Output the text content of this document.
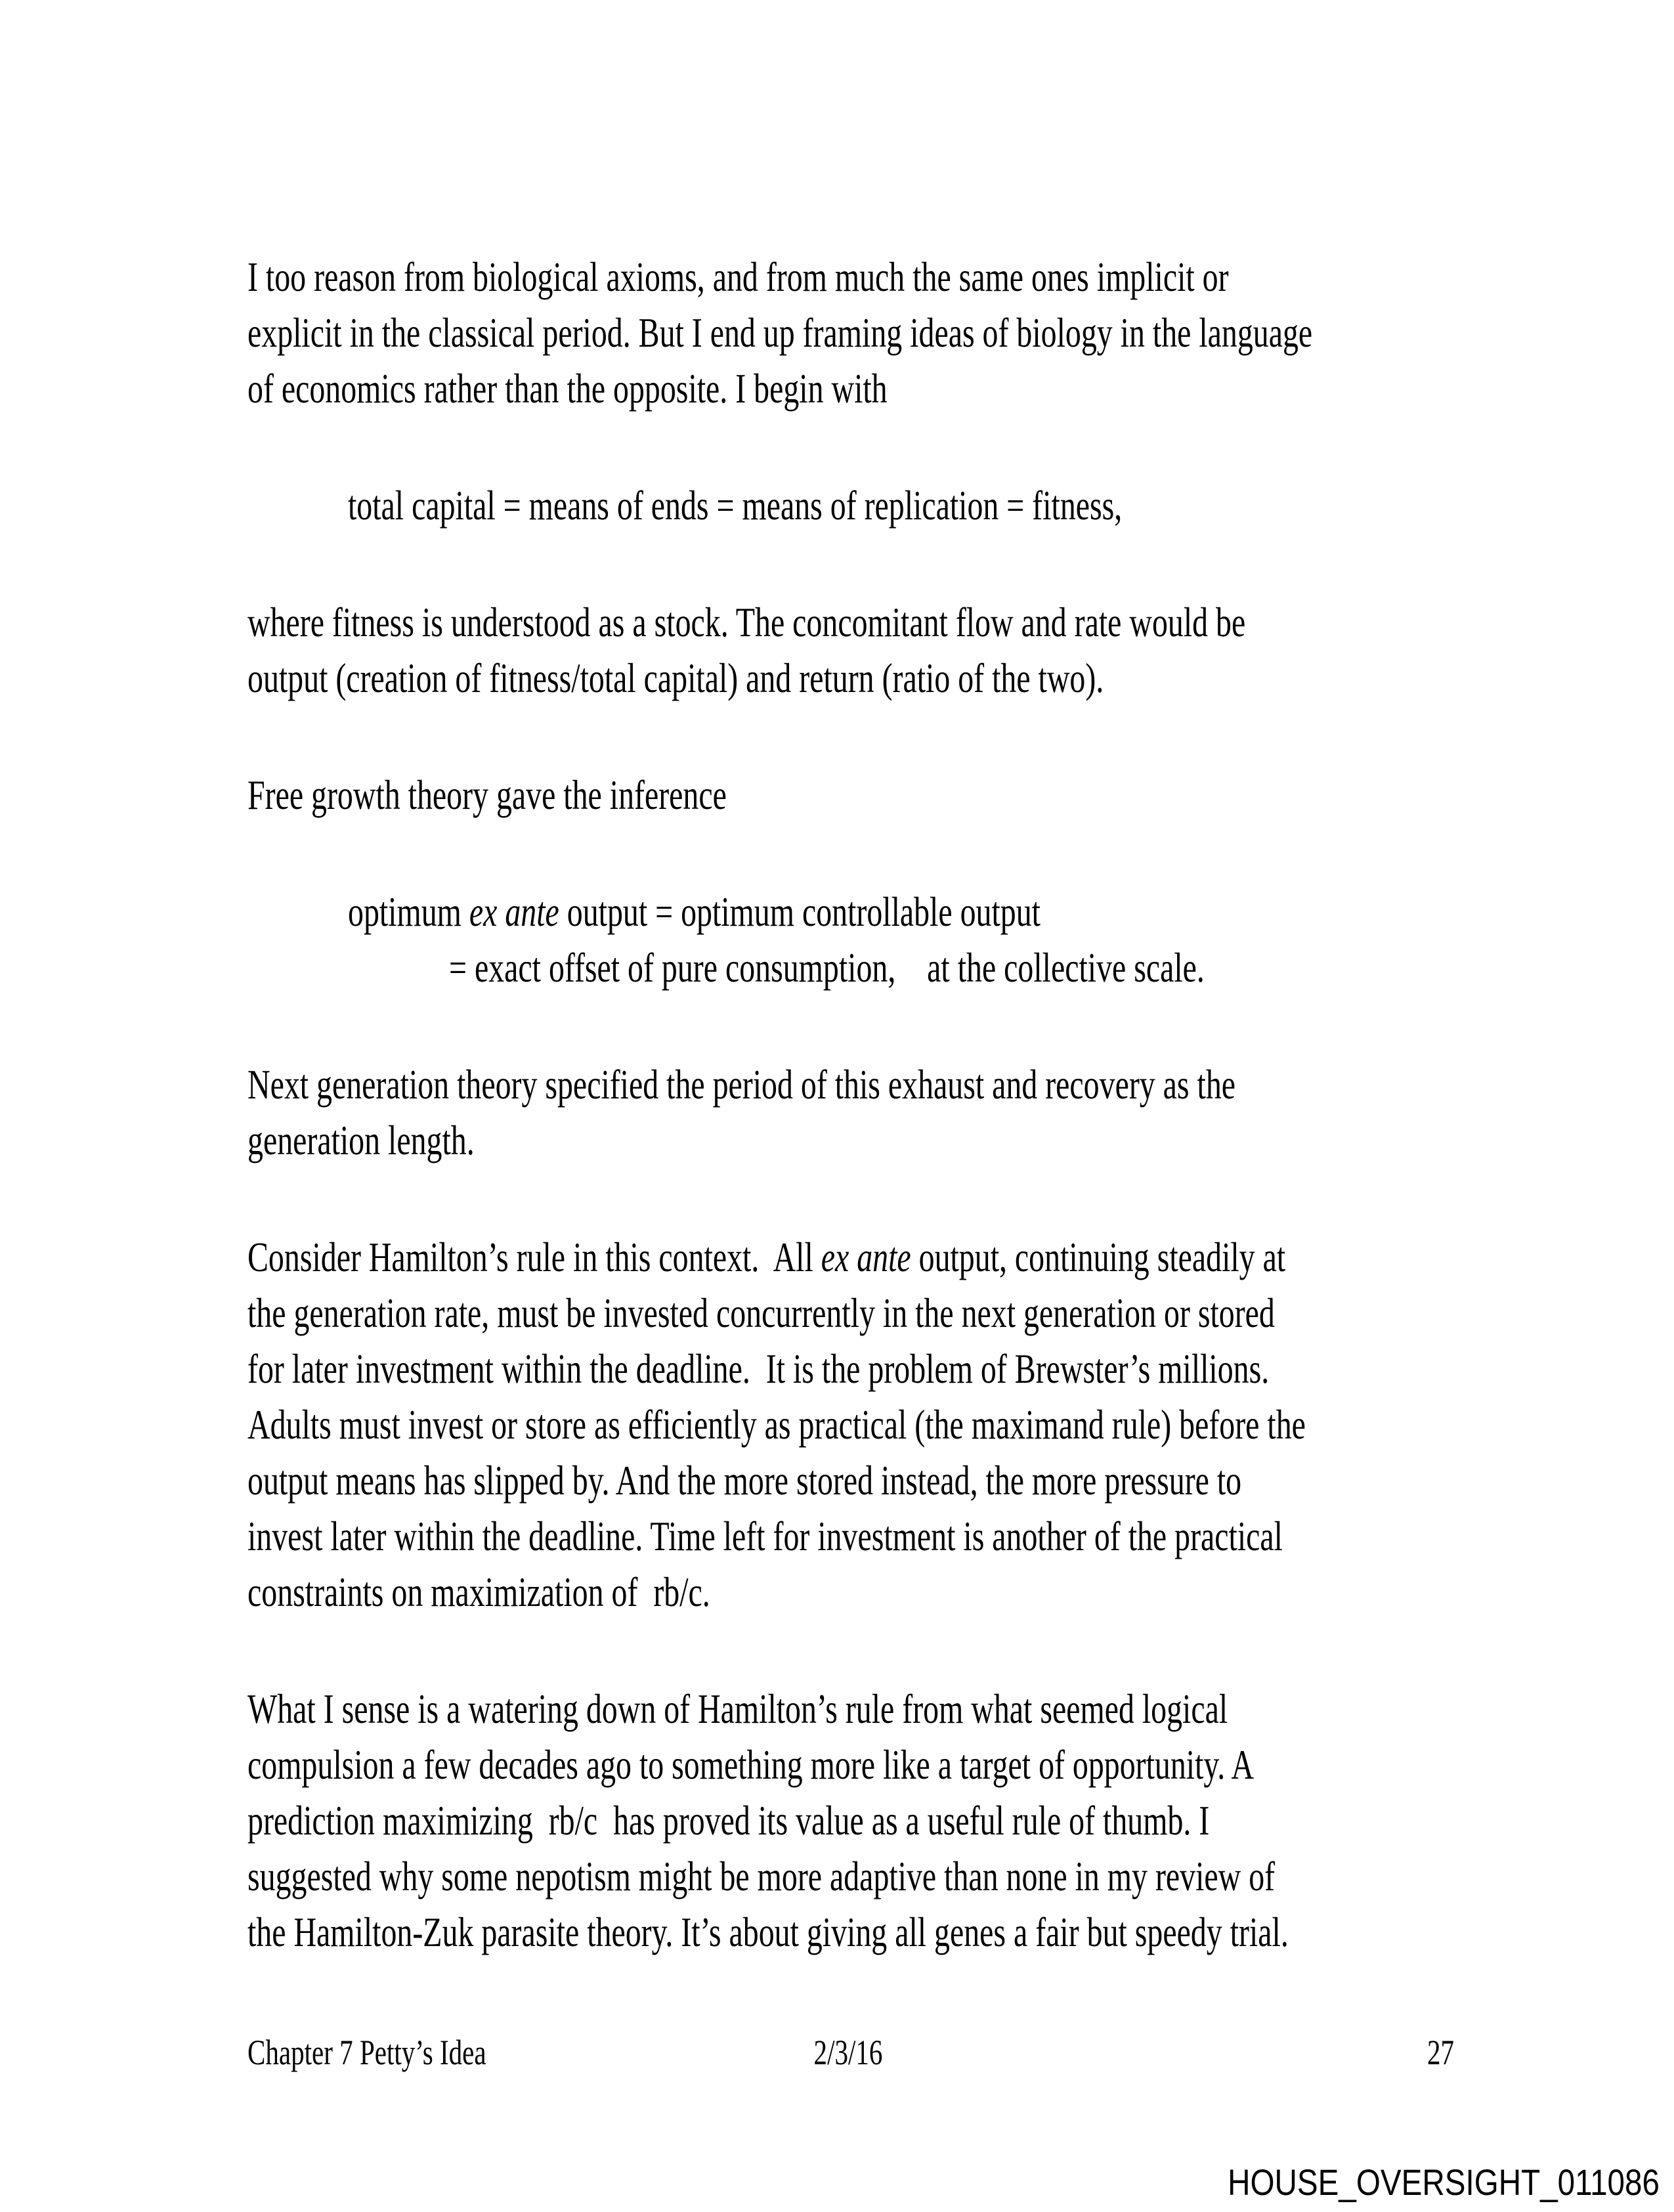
I too reason from biological axioms, and from much the same ones implicit or
explicit in the classical period. But I end up framing ideas of biology in the language
of economics rather than the opposite. I begin with
total capital = means of ends = means of replication = fitness,
where fitness is understood as a stock. The concomitant flow and rate would be
output (creation of fitness/total capital) and return (ratio of the two).
Free growth theory gave the inference
optimum ex ante output = optimum controllable output
= exact offset of pure consumption,    at the collective scale.
Next generation theory specified the period of this exhaust and recovery as the
generation length.
Consider Hamilton’s rule in this context.  All ex ante output, continuing steadily at
the generation rate, must be invested concurrently in the next generation or stored
for later investment within the deadline.  It is the problem of Brewster’s millions.
Adults must invest or store as efficiently as practical (the maximand rule) before the
output means has slipped by. And the more stored instead, the more pressure to
invest later within the deadline. Time left for investment is another of the practical
constraints on maximization of  rb/c.
What I sense is a watering down of Hamilton’s rule from what seemed logical
compulsion a few decades ago to something more like a target of opportunity. A
prediction maximizing  rb/c  has proved its value as a useful rule of thumb. I
suggested why some nepotism might be more adaptive than none in my review of
the Hamilton-Zuk parasite theory. It’s about giving all genes a fair but speedy trial.
Chapter 7 Petty’s Idea	2/3/16	27
HOUSE_OVERSIGHT_011086
